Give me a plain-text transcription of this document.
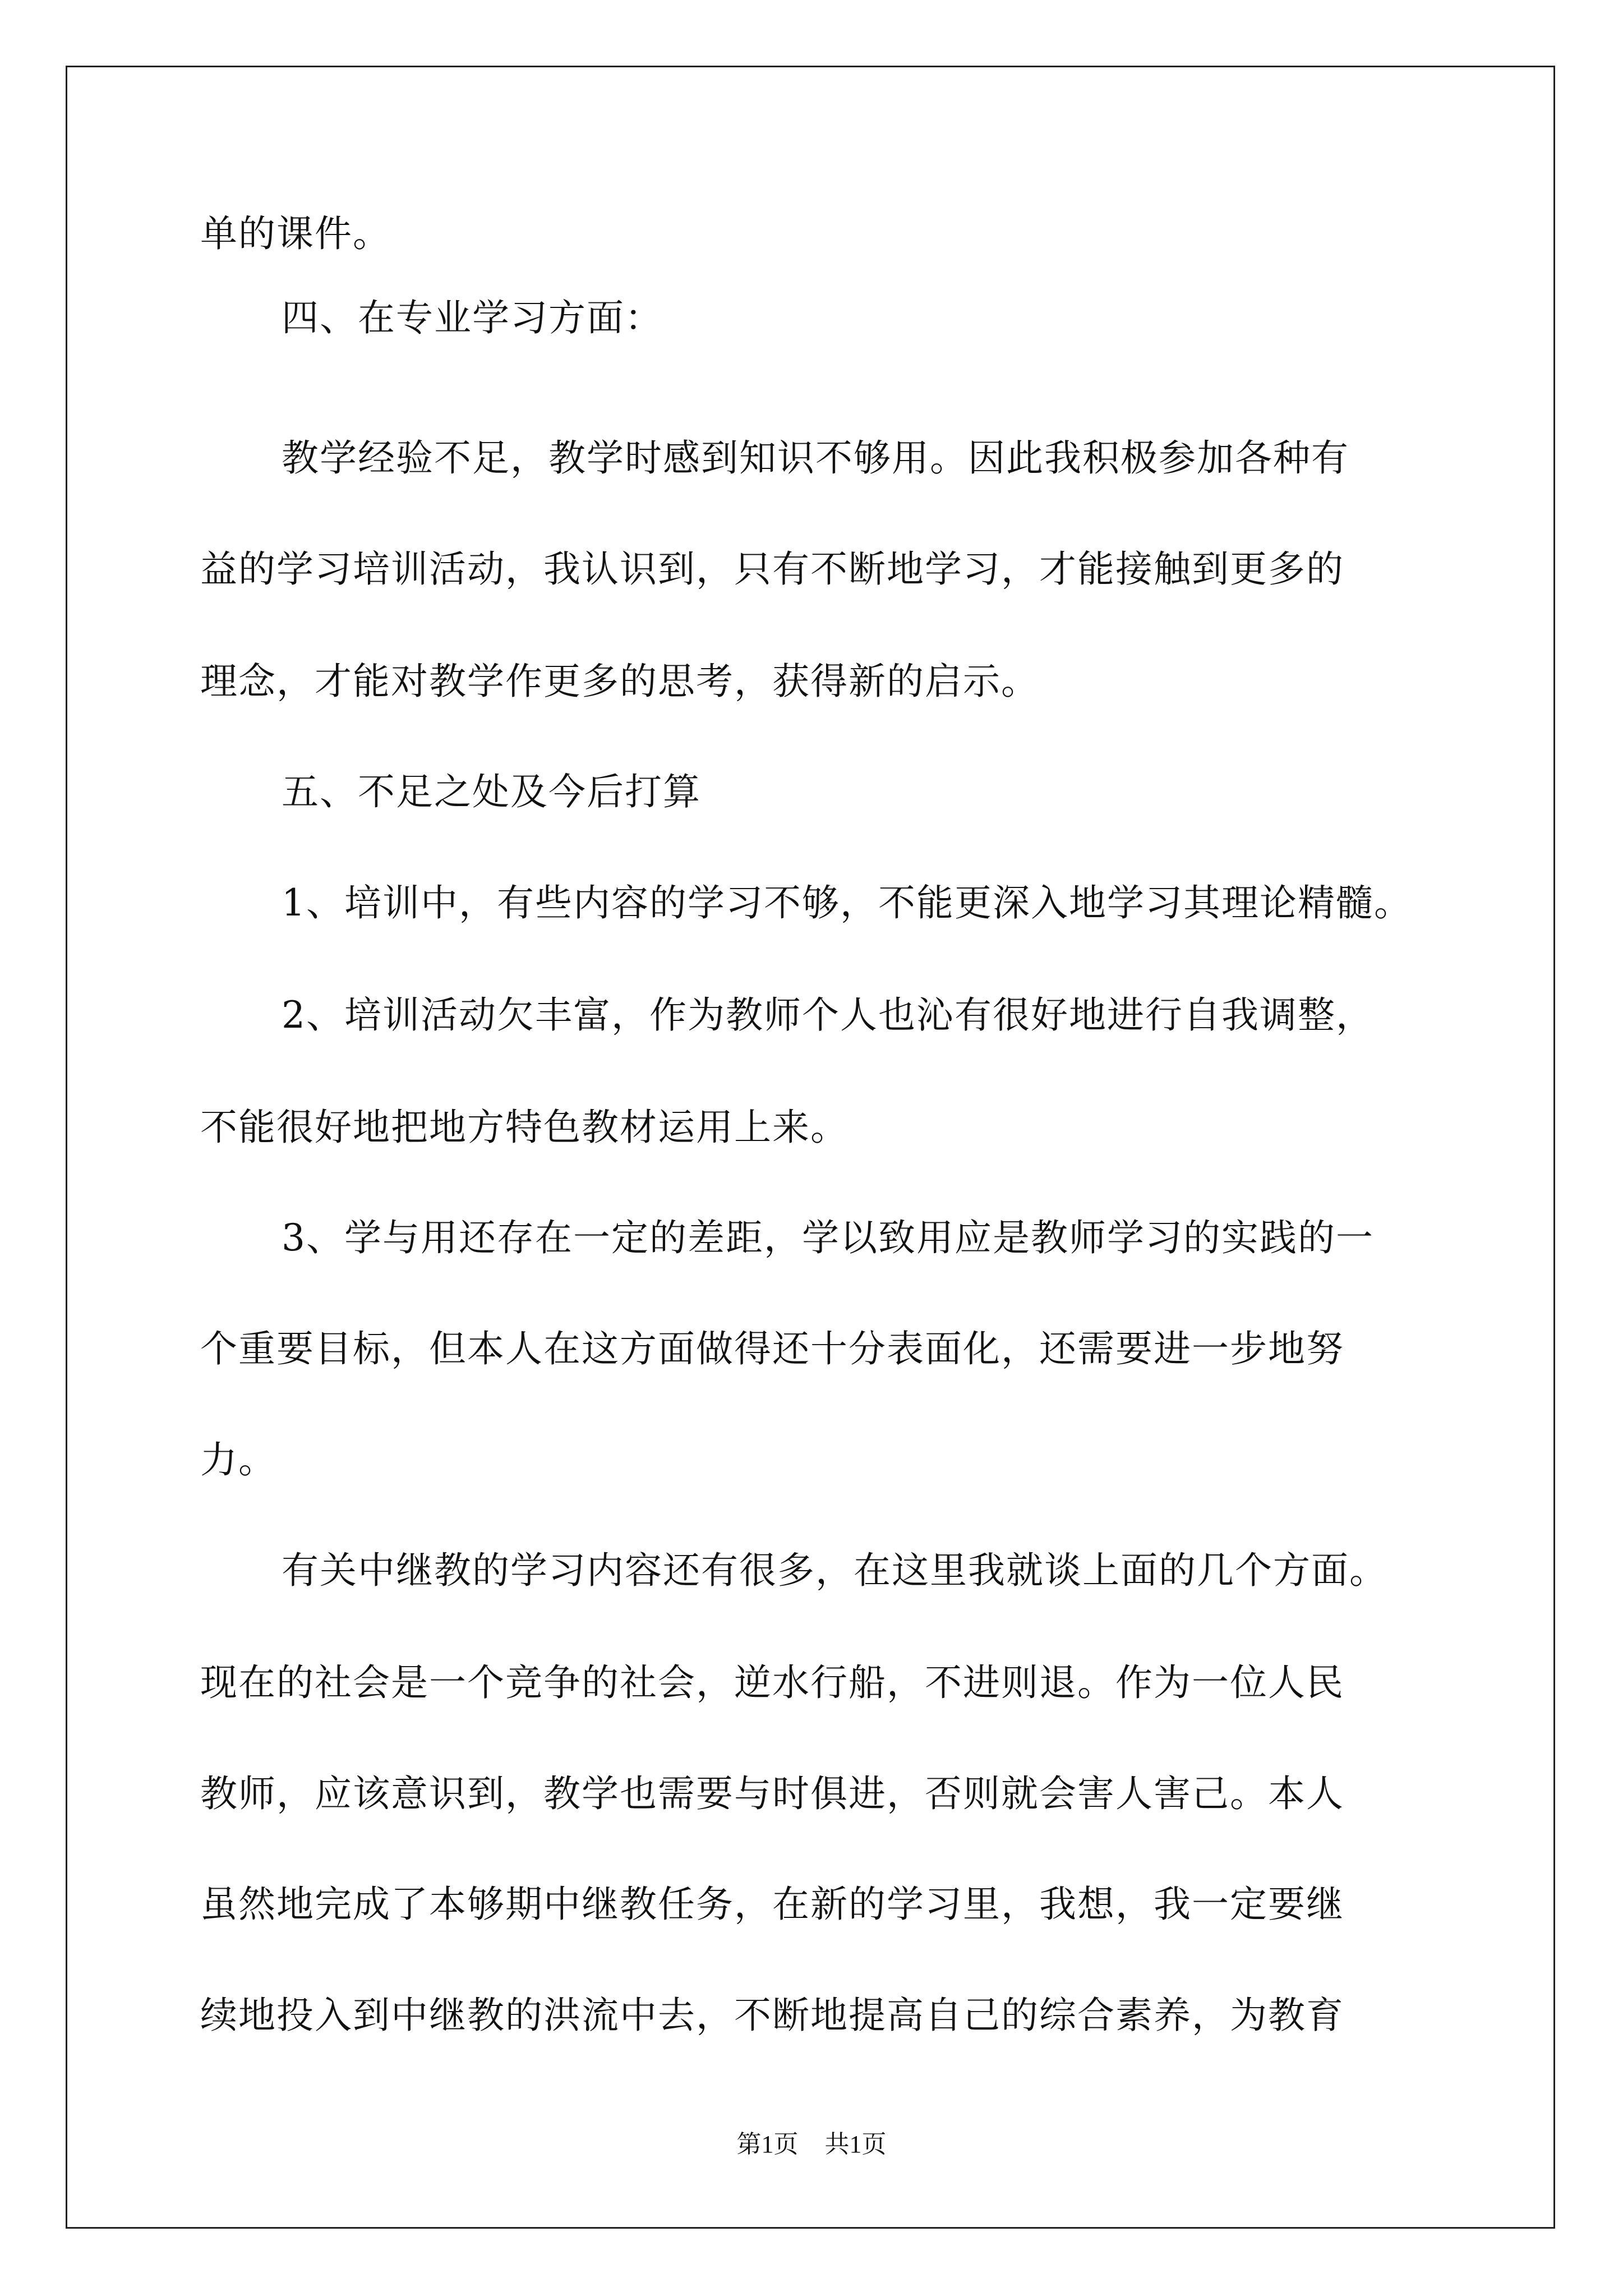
单的课件。

四、在专业学习方面：

教学经验不足，教学时感到知识不够用。因此我积极参加各种有

益的学习培训活动，我认识到，只有不断地学习，才能接触到更多的

理念，才能对教学作更多的思考，获得新的启示。

五、不足之处及今后打算

1、培训中，有些内容的学习不够，不能更深入地学习其理论精髓。

2、培训活动欠丰富，作为教师个人也沁有很好地进行自我调整，

不能很好地把地方特色教材运用上来。

3、学与用还存在一定的差距，学以致用应是教师学习的实践的一

个重要目标，但本人在这方面做得还十分表面化，还需要进一步地努

力。

有关中继教的学习内容还有很多，在这里我就谈上面的几个方面。

现在的社会是一个竞争的社会，逆水行船，不进则退。作为一位人民

教师，应该意识到，教学也需要与时俱进，否则就会害人害己。本人

虽然地完成了本够期中继教任务，在新的学习里，我想，我一定要继

续地投入到中继教的洪流中去，不断地提高自己的综合素养，为教育

第1页 共1页
